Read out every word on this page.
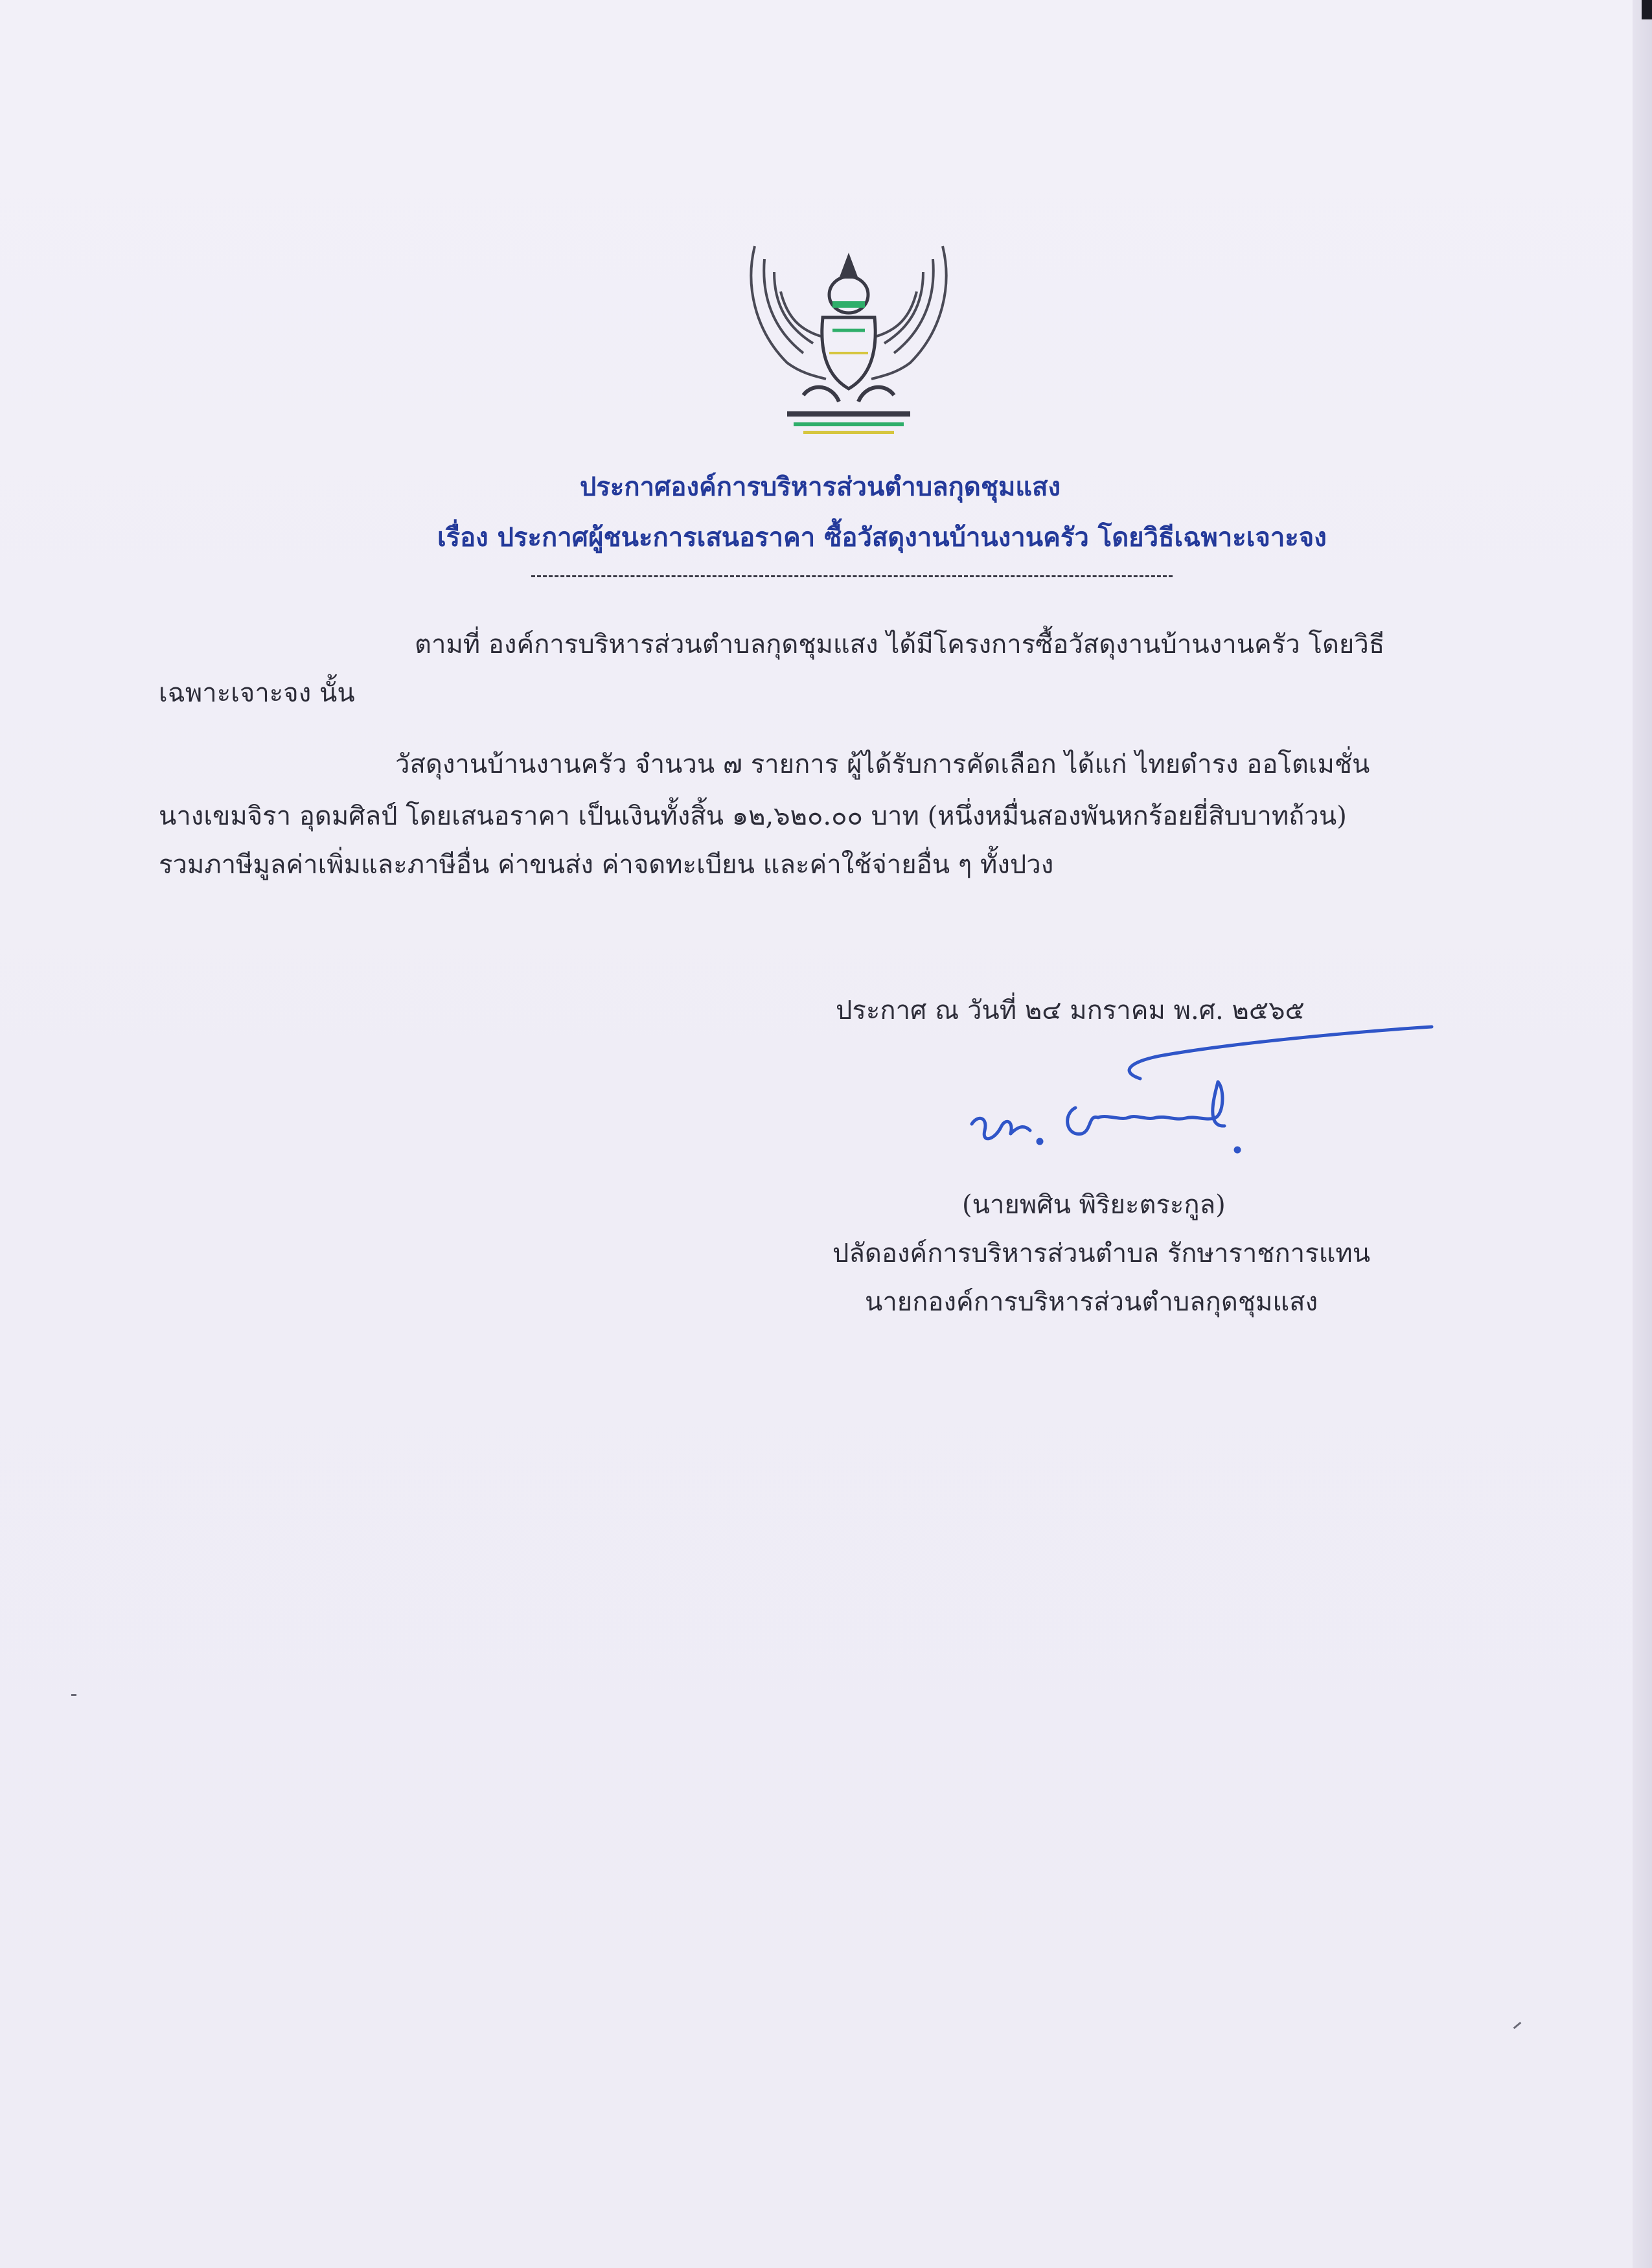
ประกาศองค์การบริหารส่วนตำบลกุดชุมแสง
เรื่อง ประกาศผู้ชนะการเสนอราคา ซื้อวัสดุงานบ้านงานครัว โดยวิธีเฉพาะเจาะจง
ตามที่ องค์การบริหารส่วนตำบลกุดชุมแสง ได้มีโครงการซื้อวัสดุงานบ้านงานครัว โดยวิธี
เฉพาะเจาะจง นั้น
วัสดุงานบ้านงานครัว จำนวน ๗ รายการ ผู้ได้รับการคัดเลือก ได้แก่ ไทยดำรง ออโตเมชั่น
นางเขมจิรา อุดมศิลป์ โดยเสนอราคา เป็นเงินทั้งสิ้น ๑๒,๖๒๐.๐๐ บาท (หนึ่งหมื่นสองพันหกร้อยยี่สิบบาทถ้วน)
รวมภาษีมูลค่าเพิ่มและภาษีอื่น ค่าขนส่ง ค่าจดทะเบียน และค่าใช้จ่ายอื่น ๆ ทั้งปวง
ประกาศ ณ วันที่ ๒๔ มกราคม พ.ศ. ๒๕๖๕
(นายพศิน พิริยะตระกูล)
ปลัดองค์การบริหารส่วนตำบล รักษาราชการแทน
นายกองค์การบริหารส่วนตำบลกุดชุมแสง
